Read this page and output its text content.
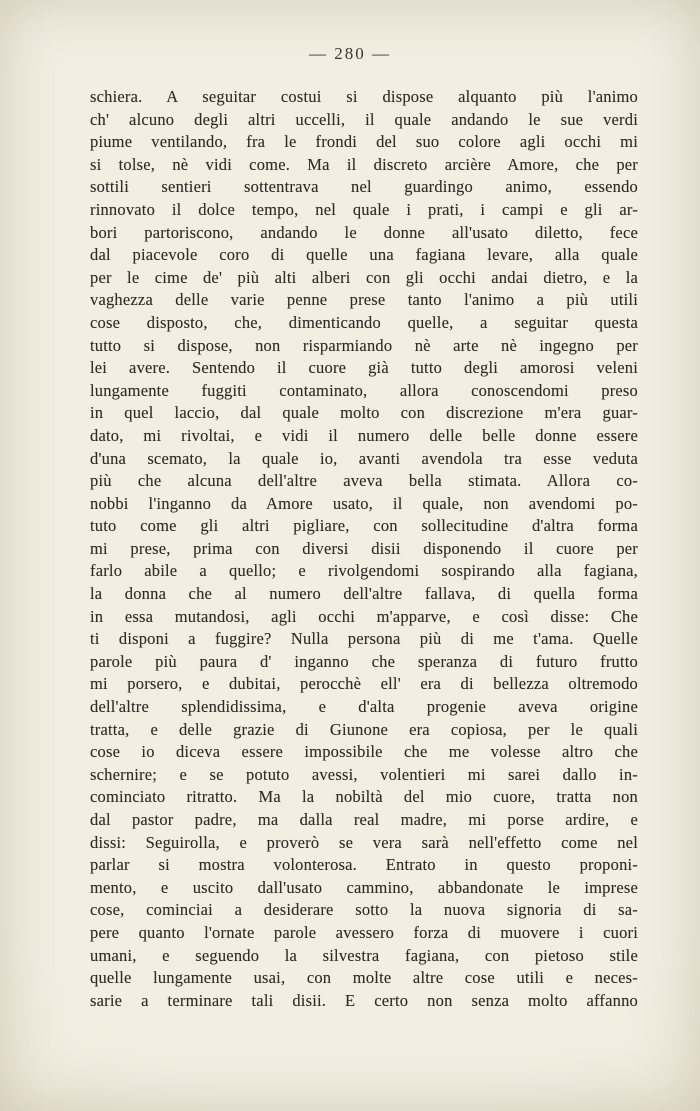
— 280 —
schiera. A seguitar costui si dispose alquanto più l'animo
ch' alcuno degli altri uccelli, il quale andando le sue verdi
piume ventilando, fra le frondi del suo colore agli occhi mi
si tolse, nè vidi come. Ma il discreto arcière Amore, che per
sottili sentieri sottentrava nel guardingo animo, essendo
rinnovato il dolce tempo, nel quale i prati, i campi e gli ar-
bori partoriscono, andando le donne all'usato diletto, fece
dal piacevole coro di quelle una fagiana levare, alla quale
per le cime de' più alti alberi con gli occhi andai dietro, e la
vaghezza delle varie penne prese tanto l'animo a più utili
cose disposto, che, dimenticando quelle, a seguitar questa
tutto si dispose, non risparmiando nè arte nè ingegno per
lei avere. Sentendo il cuore già tutto degli amorosi veleni
lungamente fuggiti contaminato, allora conoscendomi preso
in quel laccio, dal quale molto con discrezione m'era guar-
dato, mi rivoltai, e vidi il numero delle belle donne essere
d'una scemato, la quale io, avanti avendola tra esse veduta
più che alcuna dell'altre aveva bella stimata. Allora co-
nobbi l'inganno da Amore usato, il quale, non avendomi po-
tuto come gli altri pigliare, con sollecitudine d'altra forma
mi prese, prima con diversi disii disponendo il cuore per
farlo abile a quello; e rivolgendomi sospirando alla fagiana,
la donna che al numero dell'altre fallava, di quella forma
in essa mutandosi, agli occhi m'apparve, e così disse: Che
ti disponi a fuggire? Nulla persona più di me t'ama. Quelle
parole più paura d' inganno che speranza di futuro frutto
mi porsero, e dubitai, perocchè ell' era di bellezza oltremodo
dell'altre splendidissima, e d'alta progenie aveva origine
tratta, e delle grazie di Giunone era copiosa, per le quali
cose io diceva essere impossibile che me volesse altro che
schernire; e se potuto avessi, volentieri mi sarei dallo in-
cominciato ritratto. Ma la nobiltà del mio cuore, tratta non
dal pastor padre, ma dalla real madre, mi porse ardire, e
dissi: Seguirolla, e proverò se vera sarà nell'effetto come nel
parlar si mostra volonterosa. Entrato in questo proponi-
mento, e uscito dall'usato cammino, abbandonate le imprese
cose, cominciai a desiderare sotto la nuova signoria di sa-
pere quanto l'ornate parole avessero forza di muovere i cuori
umani, e seguendo la silvestra fagiana, con pietoso stile
quelle lungamente usai, con molte altre cose utili e neces-
sarie a terminare tali disii. E certo non senza molto affanno
